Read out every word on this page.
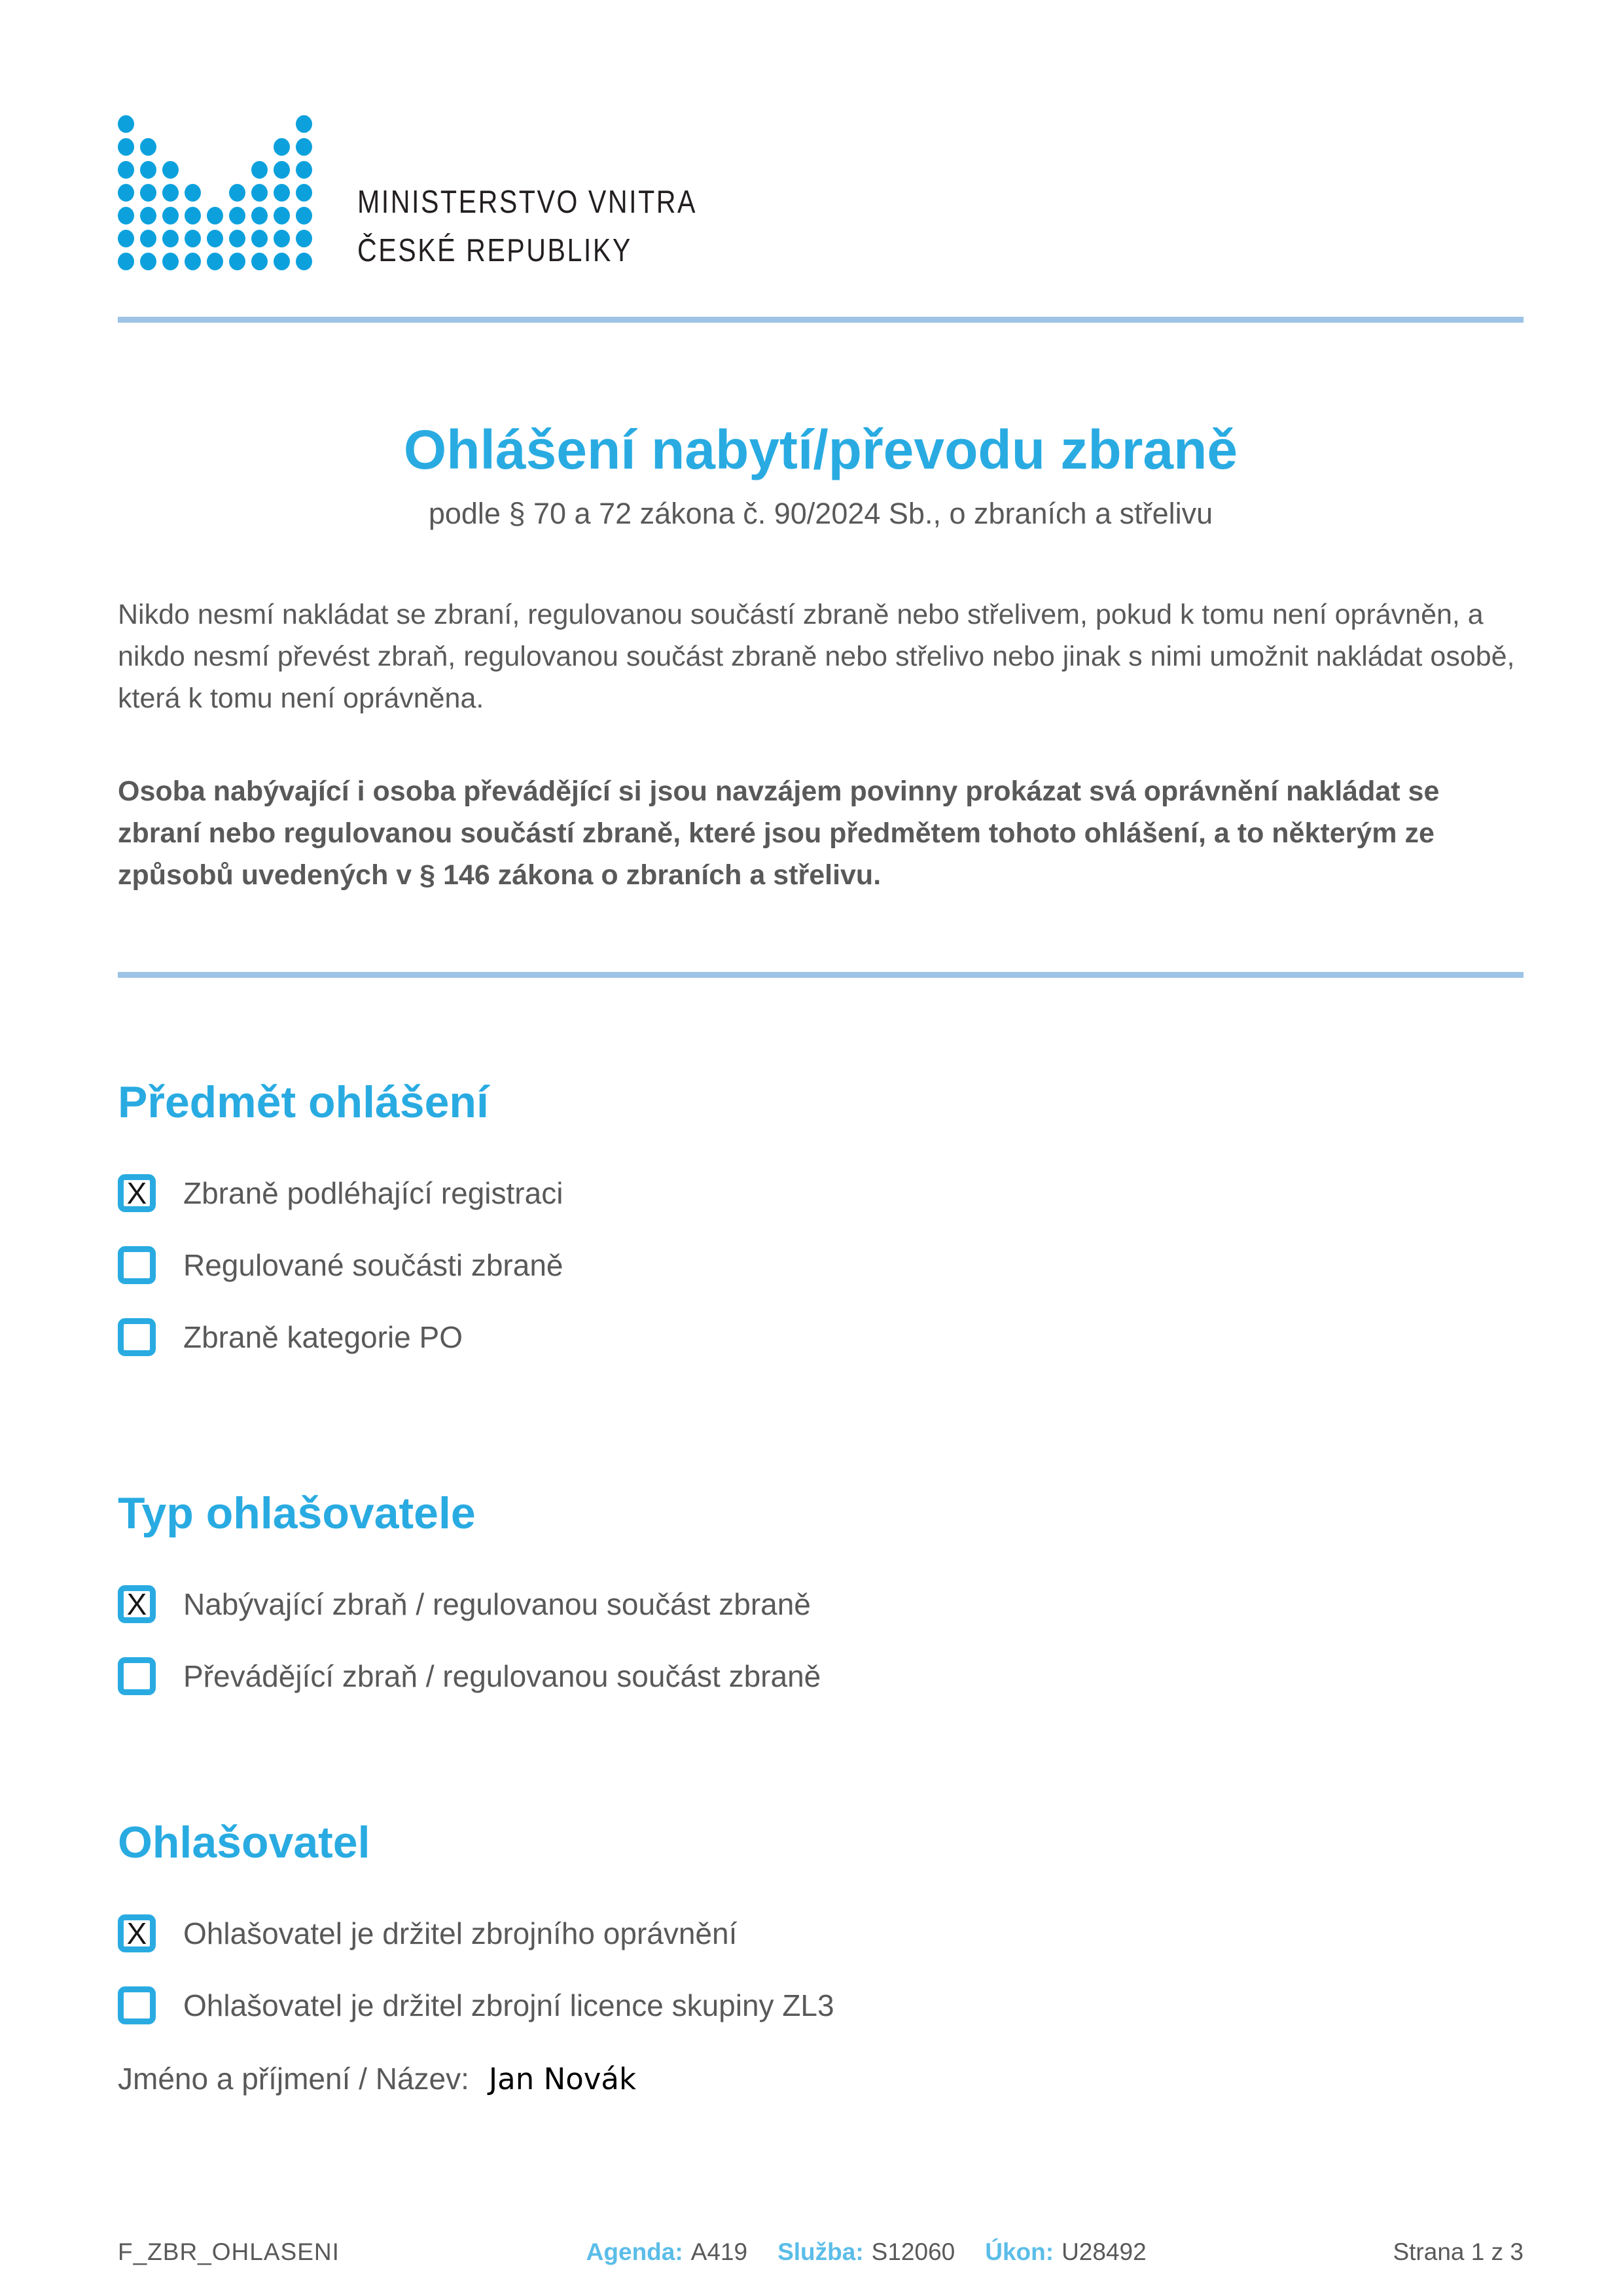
MINISTERSTVO VNITRA
ČESKÉ REPUBLIKY
Ohlášení nabytí/převodu zbraně
podle § 70 a 72 zákona č. 90/2024 Sb., o zbraních a střelivu

Nikdo nesmí nakládat se zbraní, regulovanou součástí zbraně nebo střelivem, pokud k tomu není oprávněn, a nikdo nesmí převést zbraň, regulovanou součást zbraně nebo střelivo nebo jinak s nimi umožnit nakládat osobě, která k tomu není oprávněna.

Osoba nabývající i osoba převádějící si jsou navzájem povinny prokázat svá oprávnění nakládat se zbraní nebo regulovanou součástí zbraně, které jsou předmětem tohoto ohlášení, a to některým ze způsobů uvedených v § 146 zákona o zbraních a střelivu.

Předmět ohlášení
X Zbraně podléhající registraci
Regulované součásti zbraně
Zbraně kategorie PO
Typ ohlašovatele
X Nabývající zbraň / regulovanou součást zbraně
Převádějící zbraň / regulovanou součást zbraně
Ohlašovatel
X Ohlašovatel je držitel zbrojního oprávnění
Ohlašovatel je držitel zbrojní licence skupiny ZL3
Jméno a příjmení / Název: Jan Novák
F_ZBR_OHLASENI	Agenda: A419 Služba: S12060 Úkon: U28492	Strana 1 z 3
